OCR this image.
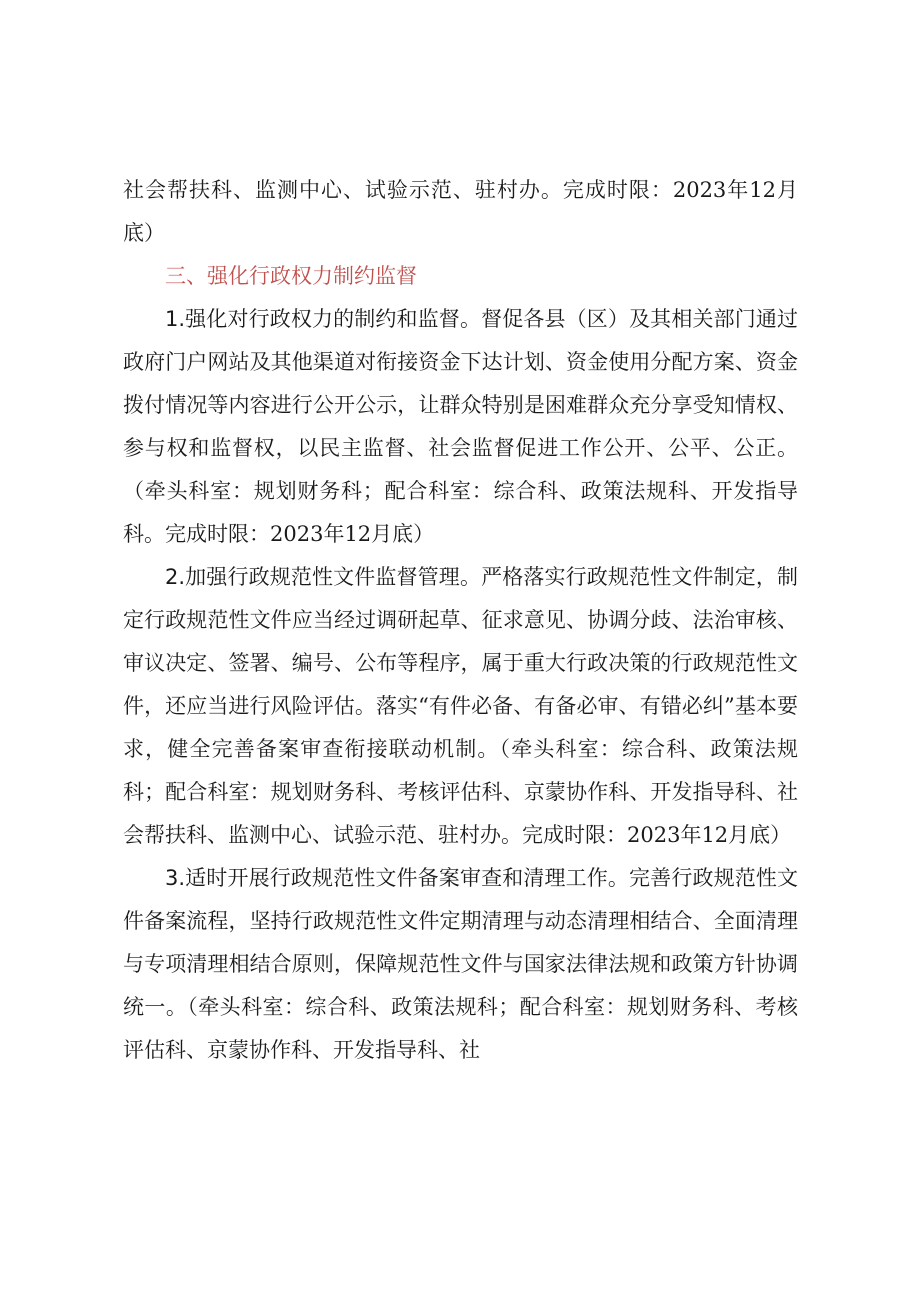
社会帮扶科、监测中心、试验示范、驻村办。完成时限：2023年12月底）

三、强化行政权力制约监督

1.强化对行政权力的制约和监督。督促各县（区）及其相关部门通过政府门户网站及其他渠道对衔接资金下达计划、资金使用分配方案、资金拨付情况等内容进行公开公示，让群众特别是困难群众充分享受知情权、参与权和监督权，以民主监督、社会监督促进工作公开、公平、公正。（牵头科室：规划财务科；配合科室：综合科、政策法规科、开发指导科。完成时限：2023年12月底）

2.加强行政规范性文件监督管理。严格落实行政规范性文件制定，制定行政规范性文件应当经过调研起草、征求意见、协调分歧、法治审核、审议决定、签署、编号、公布等程序，属于重大行政决策的行政规范性文件，还应当进行风险评估。落实“有件必备、有备必审、有错必纠”基本要求，健全完善备案审查衔接联动机制。（牵头科室：综合科、政策法规科；配合科室：规划财务科、考核评估科、京蒙协作科、开发指导科、社会帮扶科、监测中心、试验示范、驻村办。完成时限：2023年12月底）

3.适时开展行政规范性文件备案审查和清理工作。完善行政规范性文件备案流程，坚持行政规范性文件定期清理与动态清理相结合、全面清理与专项清理相结合原则，保障规范性文件与国家法律法规和政策方针协调统一。（牵头科室：综合科、政策法规科；配合科室：规划财务科、考核评估科、京蒙协作科、开发指导科、社
